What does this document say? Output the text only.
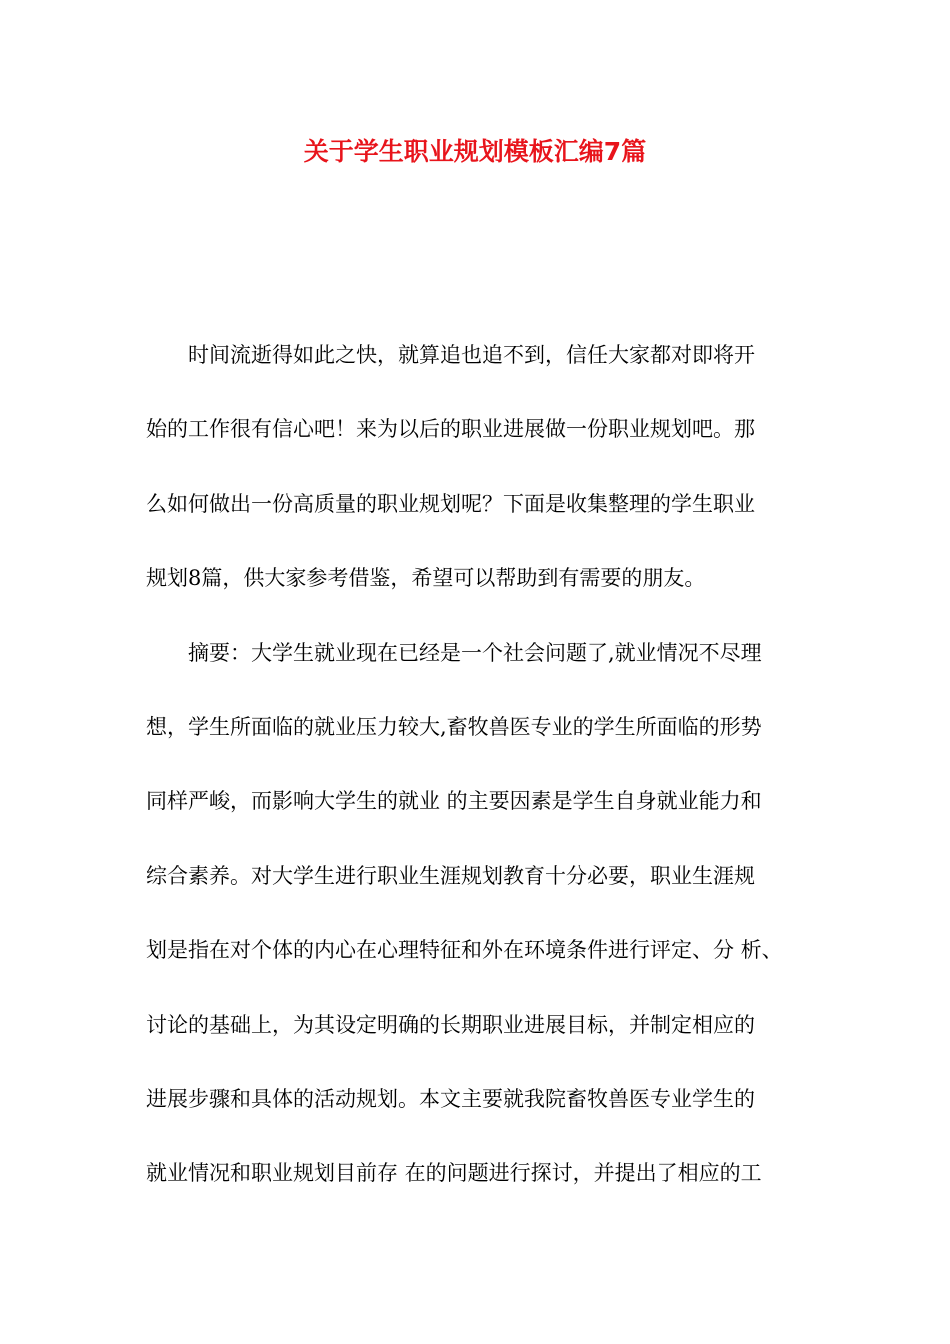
关于学生职业规划模板汇编7篇
　　时间流逝得如此之快，就算追也追不到，信任大家都对即将开
始的工作很有信心吧！来为以后的职业进展做一份职业规划吧。那
么如何做出一份高质量的职业规划呢？下面是收集整理的学生职业
规划8篇，供大家参考借鉴，希望可以帮助到有需要的朋友。
　　摘要：大学生就业现在已经是一个社会问题了,就业情况不尽理
想，学生所面临的就业压力较大,畜牧兽医专业的学生所面临的形势
同样严峻，而影响大学生的就业 的主要因素是学生自身就业能力和
综合素养。对大学生进行职业生涯规划教育十分必要，职业生涯规
划是指在对个体的内心在心理特征和外在环境条件进行评定、分 析、
讨论的基础上，为其设定明确的长期职业进展目标，并制定相应的
进展步骤和具体的活动规划。本文主要就我院畜牧兽医专业学生的
就业情况和职业规划目前存 在的问题进行探讨，并提出了相应的工
